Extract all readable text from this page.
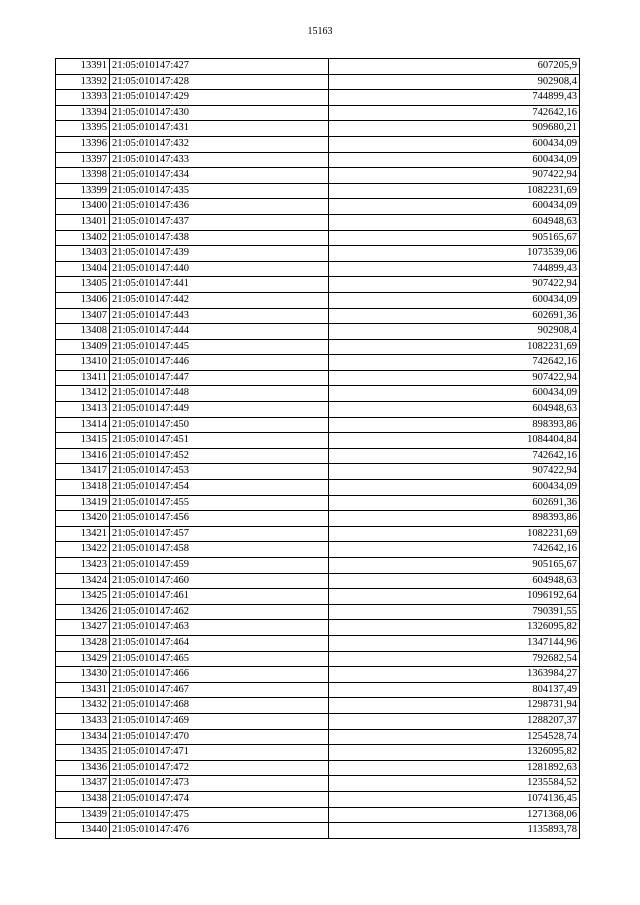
15163
13391	21:05:010147:427	607205,9
13392	21:05:010147:428	902908,4
13393	21:05:010147:429	744899,43
13394	21:05:010147:430	742642,16
13395	21:05:010147:431	909680,21
13396	21:05:010147:432	600434,09
13397	21:05:010147:433	600434,09
13398	21:05:010147:434	907422,94
13399	21:05:010147:435	1082231,69
13400	21:05:010147:436	600434,09
13401	21:05:010147:437	604948,63
13402	21:05:010147:438	905165,67
13403	21:05:010147:439	1073539,06
13404	21:05:010147:440	744899,43
13405	21:05:010147:441	907422,94
13406	21:05:010147:442	600434,09
13407	21:05:010147:443	602691,36
13408	21:05:010147:444	902908,4
13409	21:05:010147:445	1082231,69
13410	21:05:010147:446	742642,16
13411	21:05:010147:447	907422,94
13412	21:05:010147:448	600434,09
13413	21:05:010147:449	604948,63
13414	21:05:010147:450	898393,86
13415	21:05:010147:451	1084404,84
13416	21:05:010147:452	742642,16
13417	21:05:010147:453	907422,94
13418	21:05:010147:454	600434,09
13419	21:05:010147:455	602691,36
13420	21:05:010147:456	898393,86
13421	21:05:010147:457	1082231,69
13422	21:05:010147:458	742642,16
13423	21:05:010147:459	905165,67
13424	21:05:010147:460	604948,63
13425	21:05:010147:461	1096192,64
13426	21:05:010147:462	790391,55
13427	21:05:010147:463	1326095,82
13428	21:05:010147:464	1347144,96
13429	21:05:010147:465	792682,54
13430	21:05:010147:466	1363984,27
13431	21:05:010147:467	804137,49
13432	21:05:010147:468	1298731,94
13433	21:05:010147:469	1288207,37
13434	21:05:010147:470	1254528,74
13435	21:05:010147:471	1326095,82
13436	21:05:010147:472	1281892,63
13437	21:05:010147:473	1235584,52
13438	21:05:010147:474	1074136,45
13439	21:05:010147:475	1271368,06
13440	21:05:010147:476	1135893,78
